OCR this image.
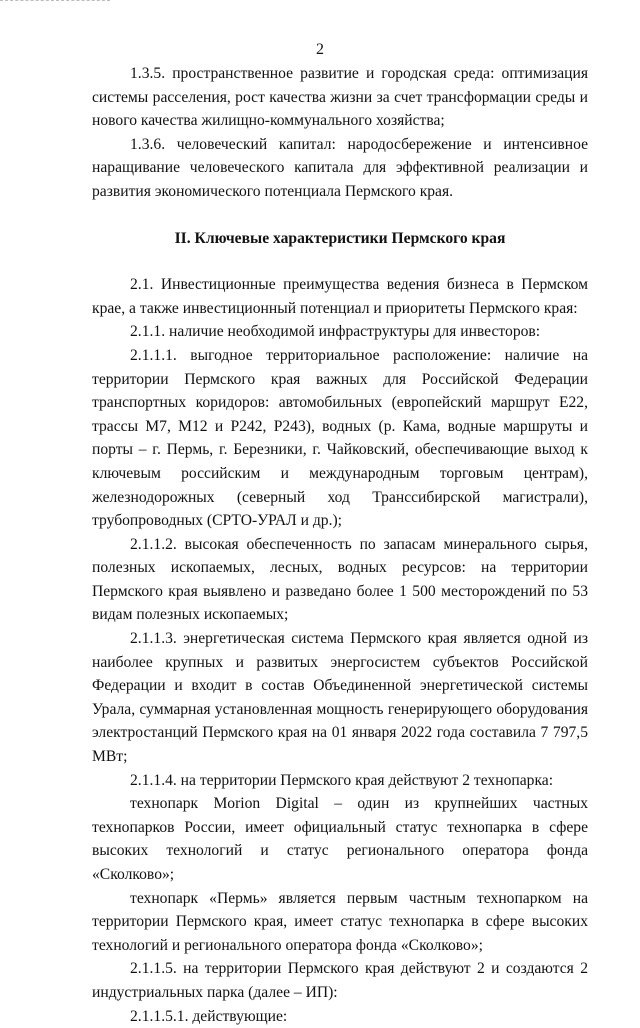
2

1.3.5. пространственное развитие и городская среда: оптимизация системы расселения, рост качества жизни за счет трансформации среды и нового качества жилищно-коммунального хозяйства;

1.3.6. человеческий капитал: народосбережение и интенсивное наращивание человеческого капитала для эффективной реализации и развития экономического потенциала Пермского края.

II. Ключевые характеристики Пермского края

2.1. Инвестиционные преимущества ведения бизнеса в Пермском крае, а также инвестиционный потенциал и приоритеты Пермского края:

2.1.1. наличие необходимой инфраструктуры для инвесторов:

2.1.1.1. выгодное территориальное расположение: наличие на территории Пермского края важных для Российской Федерации транспортных коридоров: автомобильных (европейский маршрут Е22, трассы М7, М12 и Р242, Р243), водных (р. Кама, водные маршруты и порты – г. Пермь, г. Березники, г. Чайковский, обеспечивающие выход к ключевым российским и международным торговым центрам), железнодорожных (северный ход Транссибирской магистрали), трубопроводных (СРТО-УРАЛ и др.);

2.1.1.2. высокая обеспеченность по запасам минерального сырья, полезных ископаемых, лесных, водных ресурсов: на территории Пермского края выявлено и разведано более 1 500 месторождений по 53 видам полезных ископаемых;

2.1.1.3. энергетическая система Пермского края является одной из наиболее крупных и развитых энергосистем субъектов Российской Федерации и входит в состав Объединенной энергетической системы Урала, суммарная установленная мощность генерирующего оборудования электростанций Пермского края на 01 января 2022 года составила 7 797,5 МВт;

2.1.1.4. на территории Пермского края действуют 2 технопарка:

технопарк Morion Digital – один из крупнейших частных технопарков России, имеет официальный статус технопарка в сфере высоких технологий и статус регионального оператора фонда «Сколково»;

технопарк «Пермь» является первым частным технопарком на территории Пермского края, имеет статус технопарка в сфере высоких технологий и регионального оператора фонда «Сколково»;

2.1.1.5. на территории Пермского края действуют 2 и создаются 2 индустриальных парка (далее – ИП):

2.1.1.5.1. действующие:
